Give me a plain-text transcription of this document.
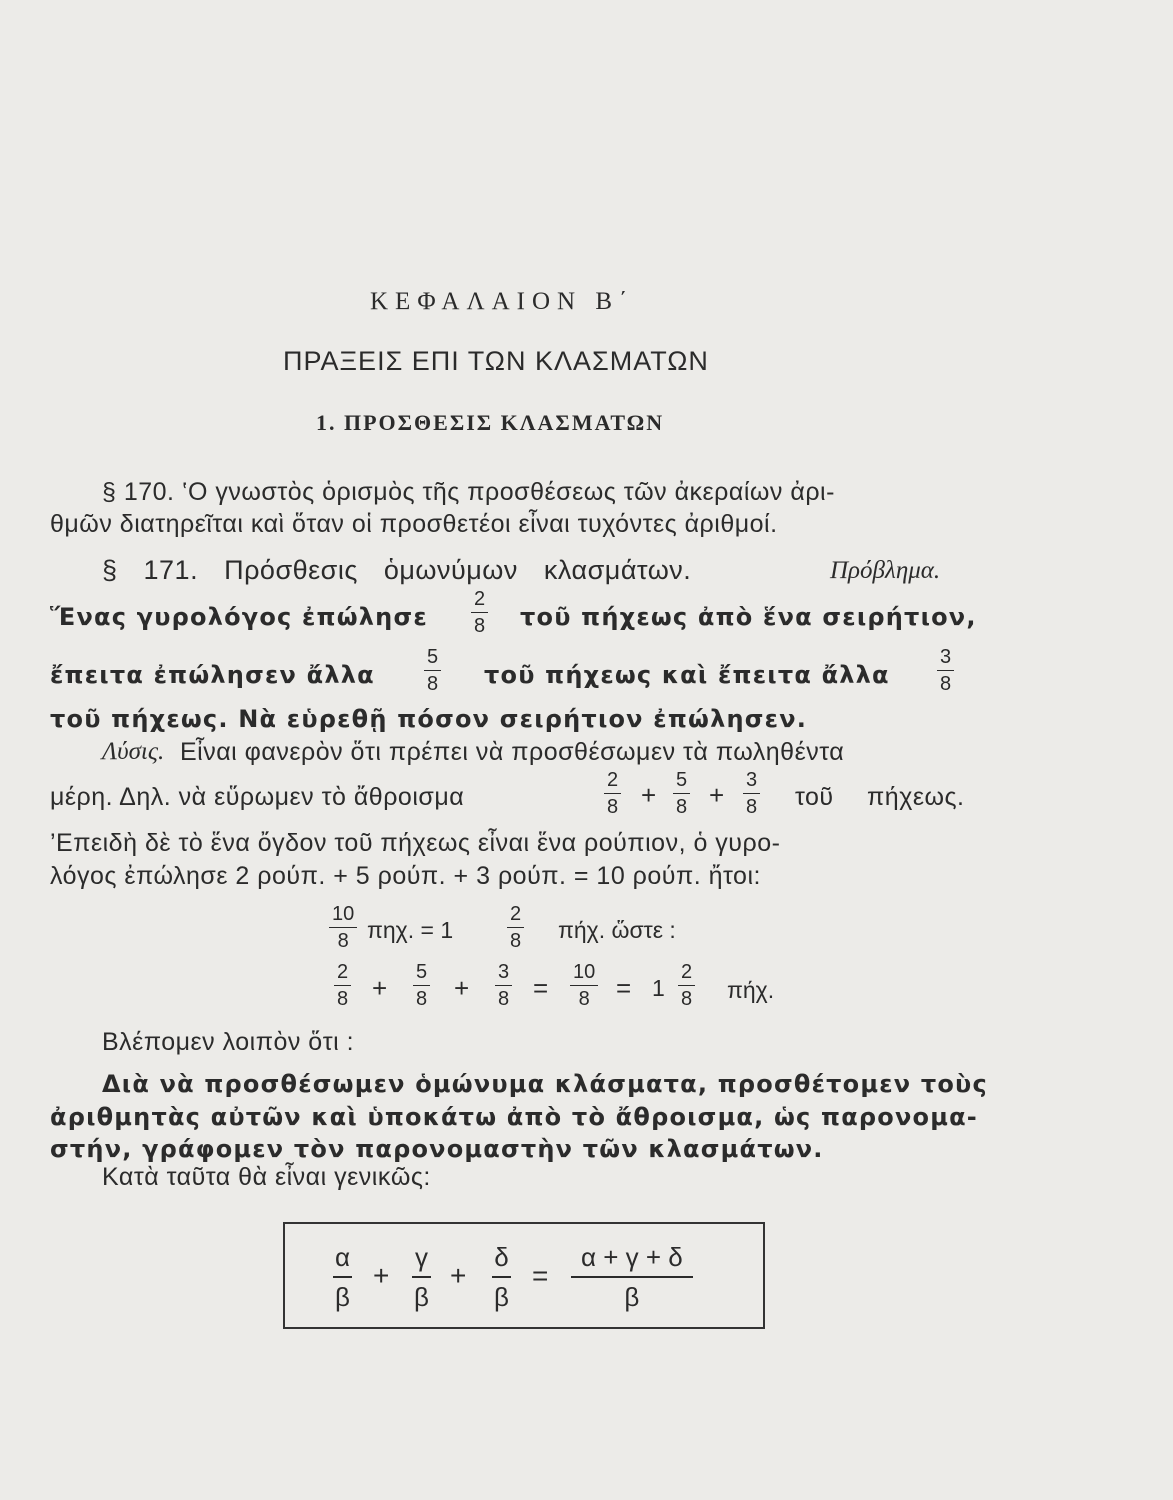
ΚΕΦΑΛΑΙΟΝ Β΄
ΠΡΑΞΕΙΣ ΕΠΙ ΤΩΝ ΚΛΑΣΜΑΤΩΝ
1. ΠΡΟΣΘΕΣΙΣ ΚΛΑΣΜΑΤΩΝ
§ 170. ‛Ο γνωστὸς ὁρισμὸς τῆς προσθέσεως τῶν ἀκεραίων ἀρι-
θμῶν διατηρεῖται καὶ ὅταν οἱ προσθετέοι εἶναι τυχόντες ἀριθμοί.
§ 171. Πρόσθεσις ὁμωνύμων κλασμάτων.	Πρόβλημα.
Ἕνας γυρολόγος ἐπώλησε
2
8 τοῦ πήχεως ἀπὸ ἕνα σειρήτιον,
ἔπειτα ἐπώλησεν ἄλλα
5
8 τοῦ πήχεως καὶ ἔπειτα ἄλλα
3
8
τοῦ πήχεως. Νὰ εὑρεθῇ πόσον σειρήτιον ἐπώλησεν.
Λύσις. Εἶναι φανερὸν ὅτι πρέπει νὰ προσθέσωμεν τὰ πωληθέντα
μέρη. Δηλ. νὰ εὕρωμεν τὸ ἄθροισμα
2
8 + 5
8 + 3
8 τοῦ πήχεως.
’Επειδὴ δὲ τὸ ἕνα ὄγδον τοῦ πήχεως εἶναι ἕνα ρούπιον, ὁ γυρο-
λόγος ἐπώλησε 2 ρούπ. + 5 ρούπ. + 3 ρούπ. = 10 ρούπ. ἤτοι:
10
8 πηχ. = 1
2
8 πήχ. ὥστε :
2
8 +
5
8 +
3
8 =
10
8 = 1
2
8 πήχ.
Βλέπομεν λοιπὸν ὅτι :
Διὰ νὰ προσθέσωμεν ὁμώνυμα κλάσματα, προσθέτομεν τοὺς
ἀριθμητὰς αὐτῶν καὶ ὑποκάτω ἀπὸ τὸ ἄθροισμα, ὡς παρονομα-
στήν, γράφομεν τὸν παρονομαστὴν τῶν κλασμάτων.
Κατὰ ταῦτα θὰ εἶναι γενικῶς:
α
β
+
γ
β
+
δ
β
=
α + γ + δ
β
